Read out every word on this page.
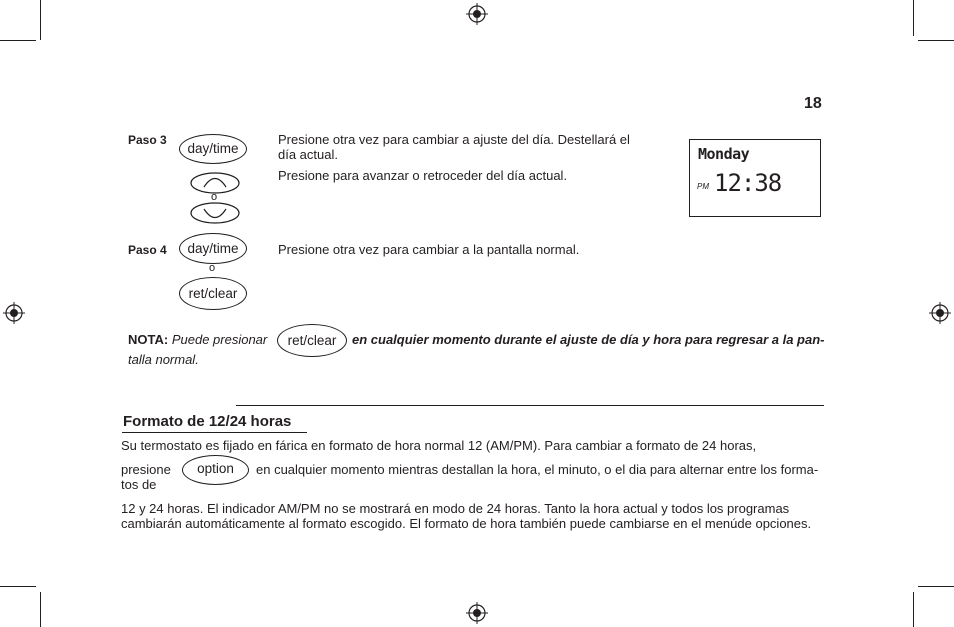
18
Paso 3
day/time
o
Presione otra vez para cambiar a ajuste del día. Destellará el
día actual.
Presione para avanzar o retroceder del día actual.
Monday
PM 12:38
Paso 4	day/time
o
ret/clear
Presione otra vez para cambiar a la pantalla normal.
NOTA: Puede presionar	ret/clear	en cualquier momento durante el ajuste de día y hora para regresar a la pan-
talla normal.
Formato de 12/24 horas
Su termostato es fijado en fárica en formato de hora normal 12 (AM/PM). Para cambiar a formato de 24 horas,
presione	option	en cualquier momento mientras destallan la hora, el minuto, o el dia para alternar entre los forma-
tos de
12 y 24 horas. El indicador AM/PM no se mostrará en modo de 24 horas. Tanto la hora actual y todos los programas
cambiarán automáticamente al formato escogido. El formato de hora también puede cambiarse en el menúde opciones.
